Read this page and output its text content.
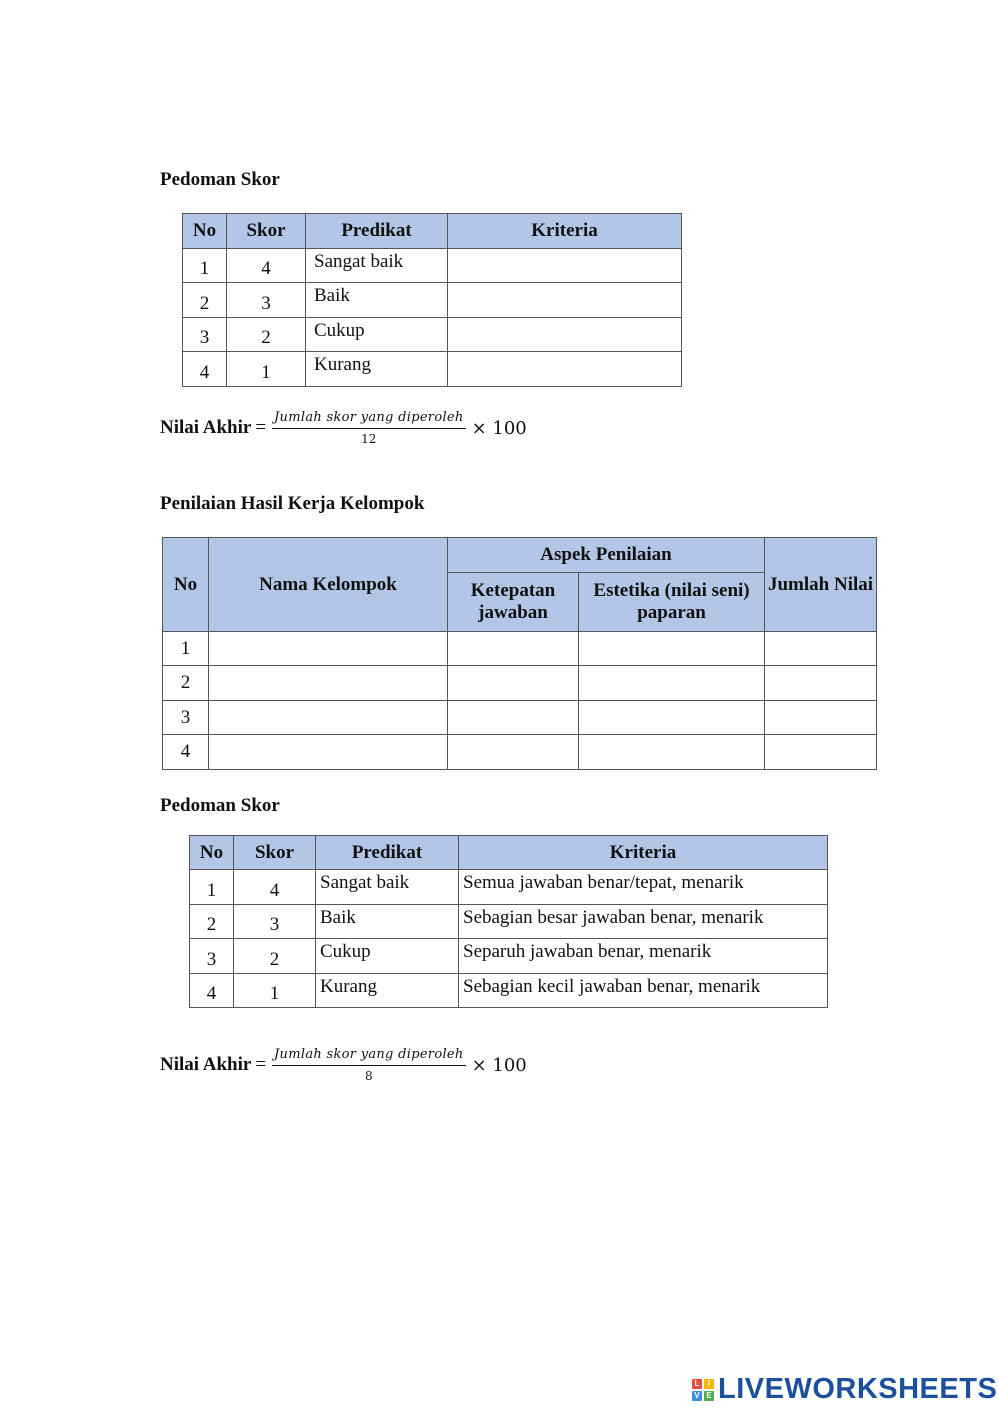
Pedoman Skor
No	Skor	Predikat	Kriteria
1	4	Sangat baik	
2	3	Baik	
3	2	Cukup	
4	1	Kurang	
Nilai Akhir = $\frac{\text{Jumlah skor yang diperoleh}}{12} \times 100$
Penilaian Hasil Kerja Kelompok
No	Nama Kelompok	Aspek Penilaian		Jumlah Nilai
		Ketepatan jawaban	Estetika (nilai seni) paparan	
1				
2				
3				
4				
Pedoman Skor
No	Skor	Predikat	Kriteria
1	4	Sangat baik	Semua jawaban benar/tepat, menarik
2	3	Baik	Sebagian besar jawaban benar, menarik
3	2	Cukup	Separuh jawaban benar, menarik
4	1	Kurang	Sebagian kecil jawaban benar, menarik
Nilai Akhir = $\frac{\text{Jumlah skor yang diperoleh}}{8} \times 100$
L	I
V E LIVEWORKSHEETS
